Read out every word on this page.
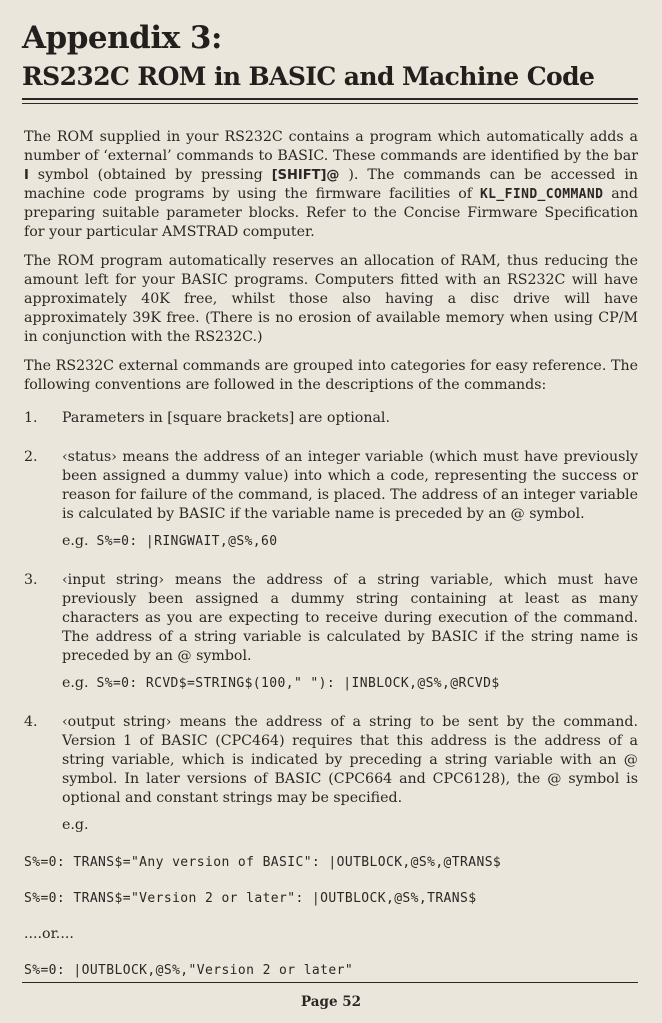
Appendix 3:
RS232C ROM in BASIC and Machine Code

The ROM supplied in your RS232C contains a program which automatically adds a number of ‘external’ commands to BASIC. These commands are identified by the bar I symbol (obtained by pressing [SHIFT]@ ). The commands can be accessed in machine code programs by using the firmware facilities of KL_FIND_COMMAND and preparing suitable parameter blocks. Refer to the Concise Firmware Specification for your particular AMSTRAD computer.

The ROM program automatically reserves an allocation of RAM, thus reducing the amount left for your BASIC programs. Computers fitted with an RS232C will have approximately 40K free, whilst those also having a disc drive will have approximately 39K free. (There is no erosion of available memory when using CP/M in conjunction with the RS232C.)

The RS232C external commands are grouped into categories for easy reference. The following conventions are followed in the descriptions of the commands:

1. Parameters in [square brackets] are optional.
2. ‹status› means the address of an integer variable (which must have previously been assigned a dummy value) into which a code, representing the success or reason for failure of the command, is placed. The address of an integer variable is calculated by BASIC if the variable name is preceded by an @ symbol.
e.g. S%=0: |RINGWAIT,@S%,60
3. ‹input string› means the address of a string variable, which must have previously been assigned a dummy string containing at least as many characters as you are expecting to receive during execution of the command. The address of a string variable is calculated by BASIC if the string name is preceded by an @ symbol.
e.g. S%=0: RCVD$=STRING$(100," "): |INBLOCK,@S%,@RCVD$
4. ‹output string› means the address of a string to be sent by the command. Version 1 of BASIC (CPC464) requires that this address is the address of a string variable, which is indicated by preceding a string variable with an @ symbol. In later versions of BASIC (CPC664 and CPC6128), the @ symbol is optional and constant strings may be specified.
e.g.
S%=0: TRANS$="Any version of BASIC": |OUTBLOCK,@S%,@TRANS$
S%=0: TRANS$="Version 2 or later": |OUTBLOCK,@S%,TRANS$
....or....
S%=0: |OUTBLOCK,@S%,"Version 2 or later"
Page 52
